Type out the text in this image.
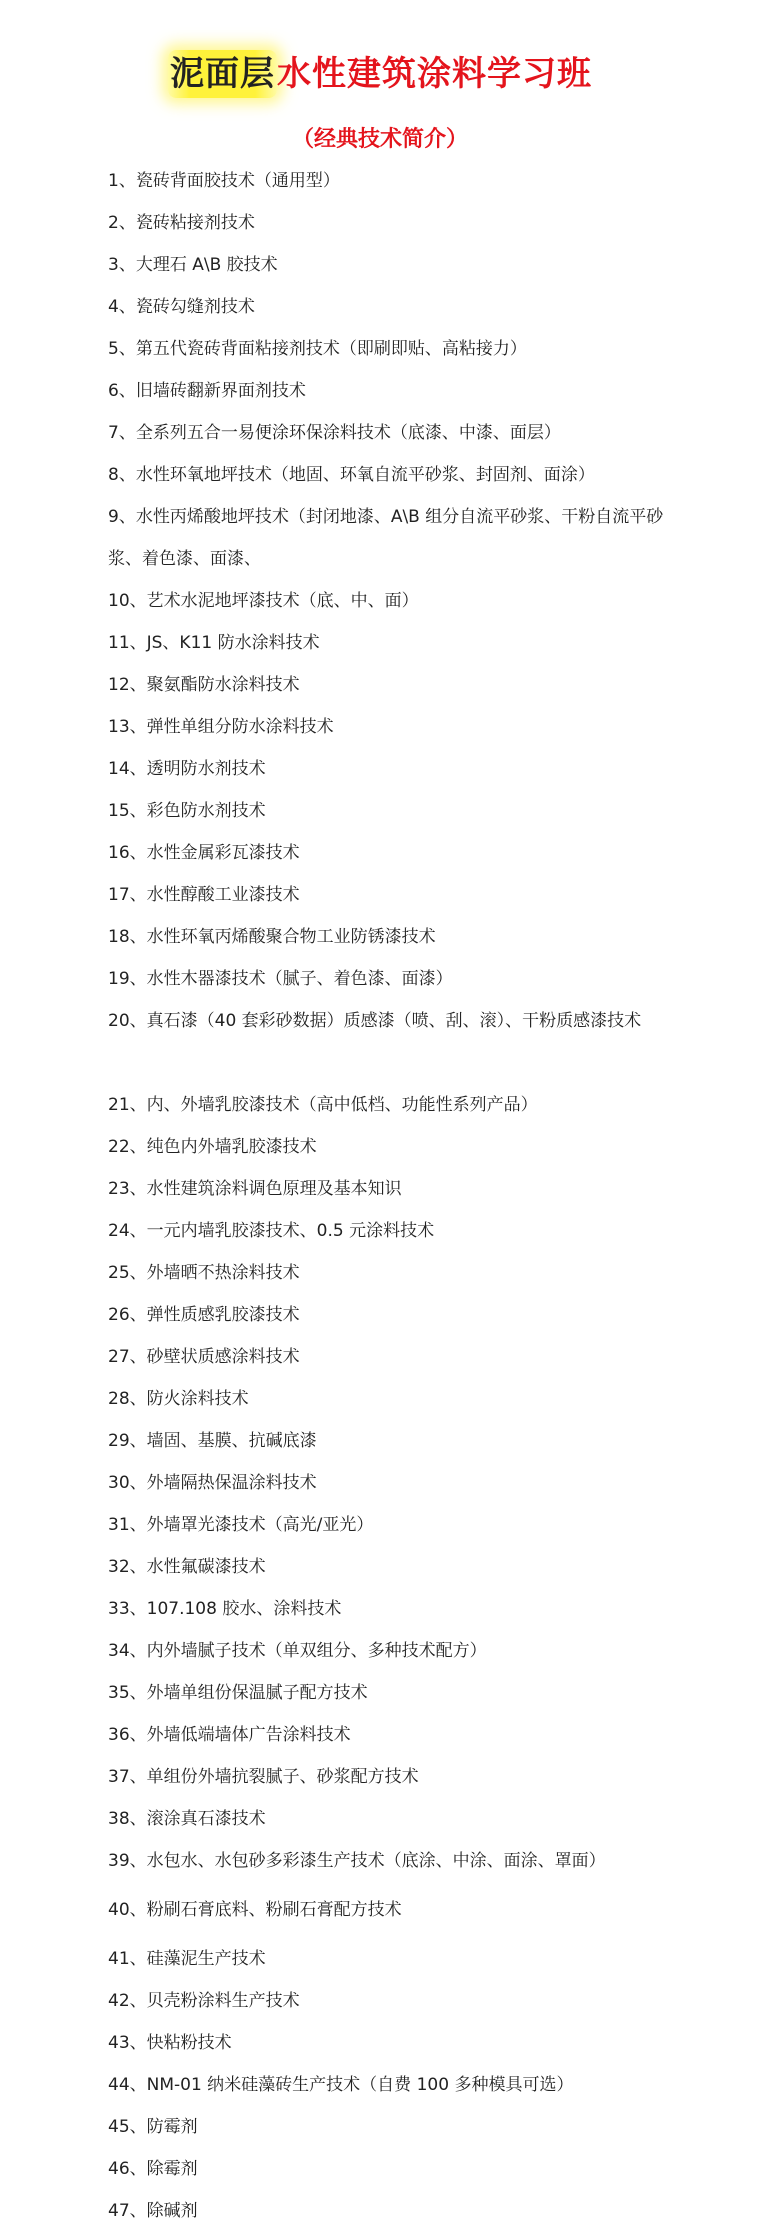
泥面层水性建筑涂料学习班
（经典技术简介）
1、瓷砖背面胶技术（通用型）
2、瓷砖粘接剂技术
3、大理石 A\B 胶技术
4、瓷砖勾缝剂技术
5、第五代瓷砖背面粘接剂技术（即刷即贴、高粘接力）
6、旧墙砖翻新界面剂技术
7、全系列五合一易便涂环保涂料技术（底漆、中漆、面层）
8、水性环氧地坪技术（地固、环氧自流平砂浆、封固剂、面涂）
9、水性丙烯酸地坪技术（封闭地漆、A\B 组分自流平砂浆、干粉自流平砂浆、着色漆、面漆、
10、艺术水泥地坪漆技术（底、中、面）
11、JS、K11 防水涂料技术
12、聚氨酯防水涂料技术
13、弹性单组分防水涂料技术
14、透明防水剂技术
15、彩色防水剂技术
16、水性金属彩瓦漆技术
17、水性醇酸工业漆技术
18、水性环氧丙烯酸聚合物工业防锈漆技术
19、水性木器漆技术（腻子、着色漆、面漆）
20、真石漆（40 套彩砂数据）质感漆（喷、刮、滚）、干粉质感漆技术
21、内、外墙乳胶漆技术（高中低档、功能性系列产品）
22、纯色内外墙乳胶漆技术
23、水性建筑涂料调色原理及基本知识
24、一元内墙乳胶漆技术、0.5 元涂料技术
25、外墙晒不热涂料技术
26、弹性质感乳胶漆技术
27、砂壁状质感涂料技术
28、防火涂料技术
29、墙固、基膜、抗碱底漆
30、外墙隔热保温涂料技术
31、外墙罩光漆技术（高光/亚光）
32、水性氟碳漆技术
33、107.108 胶水、涂料技术
34、内外墙腻子技术（单双组分、多种技术配方）
35、外墙单组份保温腻子配方技术
36、外墙低端墙体广告涂料技术
37、单组份外墙抗裂腻子、砂浆配方技术
38、滚涂真石漆技术
39、水包水、水包砂多彩漆生产技术（底涂、中涂、面涂、罩面）
40、粉刷石膏底料、粉刷石膏配方技术
41、硅藻泥生产技术
42、贝壳粉涂料生产技术
43、快粘粉技术
44、NM-01 纳米硅藻砖生产技术（自费 100 多种模具可选）
45、防霉剂
46、除霉剂
47、除碱剂
